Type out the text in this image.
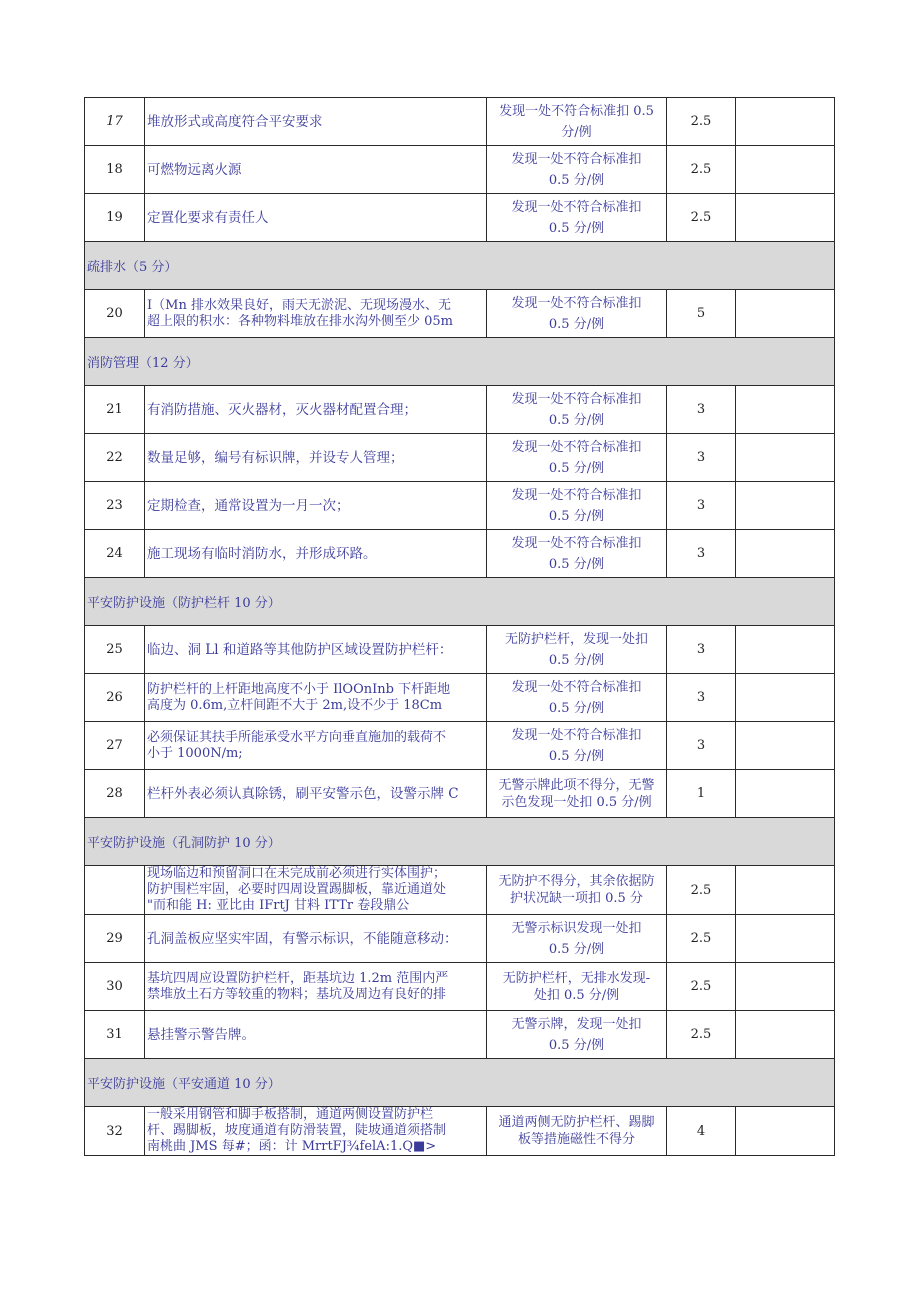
17	堆放形式或高度符合平安要求	发现一处不符合标准扣 0.5
分/例	2.5	
18	可燃物远离火源	发现一处不符合标准扣
0.5 分/例	2.5	
19	定置化要求有责任人	发现一处不符合标准扣
0.5 分/例	2.5	
疏排水（5 分）				
20	I（Mn 排水效果良好，雨天无淤泥、无现场漫水、无
超上限的积水：各种物料堆放在排水沟外侧至少 05m	发现一处不符合标准扣
0.5 分/例	5	
消防管理（12 分）				
21	有消防措施、灭火器材，灭火器材配置合理；	发现一处不符合标准扣
0.5 分/例	3	
22	数量足够，编号有标识牌，并设专人管理；	发现一处不符合标准扣
0.5 分/例	3	
23	定期检查，通常设置为一月一次；	发现一处不符合标准扣
0.5 分/例	3	
24	施工现场有临时消防水，并形成环路。	发现一处不符合标准扣
0.5 分/例	3	
平安防护设施（防护栏杆 10 分）				
25	临边、洞 Ll 和道路等其他防护区域设置防护栏杆：	无防护栏杆，发现一处扣
0.5 分/例	3	
26	防护栏杆的上杆距地高度不小于 IlOOnInb 下杆距地
高度为 0.6m,立杆间距不大于 2m,设不少于 18Cm	发现一处不符合标准扣
0.5 分/例	3	
27	必须保证其扶手所能承受水平方向垂直施加的载荷不
小于 1000N/m;	发现一处不符合标准扣
0.5 分/例	3	
28	栏杆外表必须认真除锈，刷平安警示色，设警示牌 C	无警示牌此项不得分，无警
示色发现一处扣 0.5 分/例	1	
平安防护设施（孔洞防护 10 分）				

	现场临边和预留洞口在未完成前必须进行实体围护；
防护围栏牢固，必要时四周设置踢脚板，靠近通道处
"而和能 H: 亚比由 IFrtJ 甘料 ITTr 卷段鼎公	无防护不得分，其余依据防
护状况缺一项扣 0.5 分	2.5	
29	孔洞盖板应坚实牢固，有警示标识，不能随意移动：	无警示标识发现一处扣
0.5 分/例	2.5	
30	基坑四周应设置防护栏杆，距基坑边 1.2m 范围内严
禁堆放土石方等较重的物料；基坑及周边有良好的排	无防护栏杆，无排水发现-
处扣 0.5 分/例	2.5	
31	悬挂警示警告牌。	无警示牌，发现一处扣
0.5 分/例	2.5	
平安防护设施（平安通道 10 分）				
32	一般采用钢管和脚手板搭制，通道两侧设置防护栏
杆、踢脚板，坡度通道有防滑装置，陡坡通道须搭制
南桃曲 JMS 每#；函：计 MrrtFJ¾felA:1.Q■>	通道两侧无防护栏杆、踢脚
板等措施磁性不得分	4	
